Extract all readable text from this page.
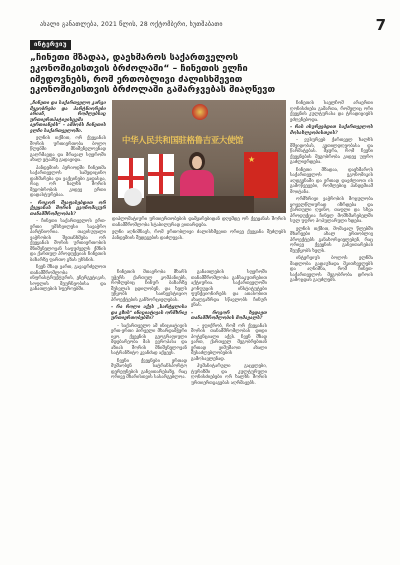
ახალი განათლება, 2021 წლის, 28 ოქტომბერი, ხუთშაბათი	7
ინტერვიუ
„ჩინეთი მზადაა, დაეხმაროს საქართველოს
ეკონომიკისთვის ბრძოლაში“ – ჩინეთის ელჩი
იმედოვნებს, რომ ერთობლივი ძალისხმევით
ეკონომიკისთვის ბრძოლაში გამარჯვებას მიაღწევთ

„ჩინეთი და საქართველო კარგი მეგობრები და პარტნიორები არიან, რომლებსაც ურთიერთპატივისცემა აერთიანებს“ – ამბობს ჩინეთის ელჩი საქართველოში.

ელჩის თქმით, ორ ქვეყანას შორის ურთიერთობა ბოლო წლებში მნიშვნელოვნად გაღრმავდა და მრავალ სფეროში ახალ ეტაპზე გადავიდა.

პანდემიის პერიოდში ჩინეთმა საქართველოს სამედიცინო დახმარება და ვაქცინები გადასცა, რაც ორ ხალხს შორის მეგობრობის კიდევ ერთი დადასტურებაა.

– როგორ შეაფასებდით ორ ქვეყანას შორის ეკონომიკურ თანამშრომლობას?

– ჩინეთი საქართველოს ერთ-ერთი უმსხვილესი სავაჭრო პარტნიორია. თავისუფალი ვაჭრობის შეთანხმება ორ ქვეყანას შორის ურთიერთობის მნიშვნელოვან საფუძველს ქმნის და ქართულ პროდუქციას ჩინეთის ბაზარზე ფართო გზას უხსნის.

ჩვენ მზად ვართ, გავაგრძელოთ თანამშრომლობა ინფრასტრუქტურის, ენერგეტიკის, სოფლის მეურნეობისა და განათლების სფეროებში.

中华人民共和国驻格鲁吉亚大使馆
★

დიპლომატიური ურთიერთობების დამყარებიდან დღემდე ორ ქვეყანას შორის თანამშრომლობა სტაბილურად ვითარდება.

ელჩი აღნიშნავს, რომ ერთობლივი ძალისხმევით ორივე ქვეყანა შეძლებს პანდემიის შედეგების დაძლევას.

ჩინეთის მთავრობა მხარს უჭერს ქართულ კომპანიებს, რომლებიც ჩინურ ბაზარზე შესვლას ცდილობენ, და ხელს უწყობს საინვესტიციო პროექტების განხორციელებას.

– რა როლი აქვს „სარტყლისა და გზის“ ინიციატივას ორმხრივ ურთიერთობებში?

– საქართველო ამ ინიციატივის ერთ-ერთი პირველი მხარდამჭერი იყო. ქვეყნის გეოგრაფიული მდებარეობა მას ევროპასა და აზიას შორის მნიშვნელოვან სატრანზიტო კვანძად აქცევს.

ჩვენი ქვეყნები ერთად მუშაობენ სატრანსპორტო დერეფნების განვითარებაზე, რაც ორივე მხარისთვის სასარგებლოა.

განათლების სფეროში თანამშრომლობა განსაკუთრებით აქტიურია. საქართველოში კონფუცის ინსტიტუტები ფუნქციონირებს და ათასობით ახალგაზრდა სწავლობს ჩინურ ენას.

– როგორ ხედავთ თანამშრომლობის მომავალს?

– ვფიქრობ, რომ ორ ქვეყანას შორის თანამშრომლობას დიდი პოტენციალი აქვს. ჩვენ მზად ვართ, ქართველ მეგობრებთან ერთად ვიმუშაოთ ახალი შესაძლებლობების გამოსავლენად.

ჰუმანიტარული გაცვლები, ტურიზმი და კულტურული ღონისძიებები ორ ხალხს შორის ურთიერთგაგებას აღრმავებს.

ჩინეთის საელჩომ არაერთი ღონისძიება გამართა, რომელიც ორი ქვეყნის კულტურასა და ტრადიციებს ეძღვნებოდა.

– რას ისურვებდით საქართველოს მოსახლეობისთვის?

– ვუსურვებ ქართველ ხალხს მშვიდობას, კეთილდღეობასა და წარმატებას. მჯერა, რომ ჩვენი ქვეყნების მეგობრობა კიდევ უფრო გაძლიერდება.

ჩინეთი მზადაა, დაეხმაროს საქართველოს ეკონომიკის აღდგენაში და ერთად დავძლიოთ ის გამოწვევები, რომლებიც პანდემიამ მოიტანა.

ორმხრივი ვაჭრობის მოცულობა ყოველწლიურად იზრდება და ქართული ღვინო, თაფლი და სხვა პროდუქცია ჩინელ მომხმარებელში სულ უფრო პოპულარული ხდება.

ელჩის თქმით, მომავალ წლებში მხარეები ახალ ერთობლივ პროექტებს განახორციელებენ, რაც ორივე ქვეყნის განვითარებას შეუწყობს ხელს.

ინტერვიუს ბოლოს ელჩმა მადლობა გადაუხადა მკითხველებს და აღნიშნა, რომ ჩინეთ-საქართველოს მეგობრობა დროის გამოცდას გაუძლებს.
